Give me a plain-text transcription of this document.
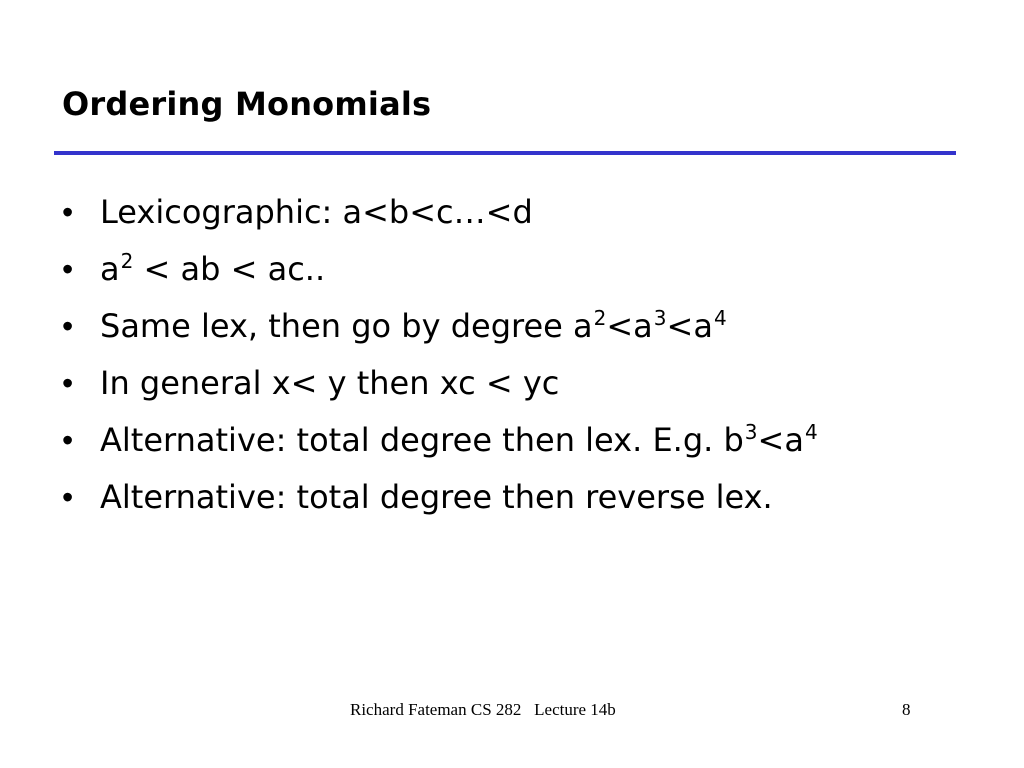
Ordering Monomials
• Lexicographic: a<b<c…<d
• $a^2$ < ab < ac..
• Same lex, then go by degree $a^2<a^3<a^4$
• In general x< y then xc < yc
• Alternative: total degree then lex. E.g. $b^3<a^4$
• Alternative: total degree then reverse lex.
Richard Fateman CS 282   Lecture 14b	8
